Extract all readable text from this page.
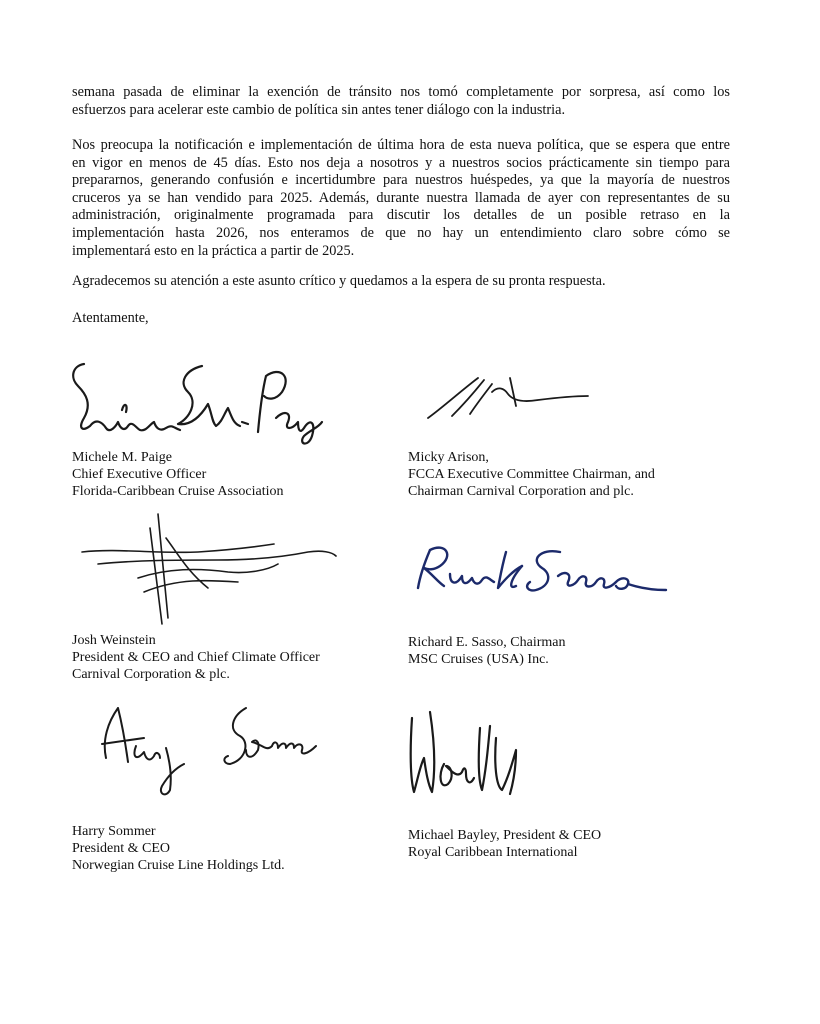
semana pasada de eliminar la exención de tránsito nos tomó completamente por sorpresa, así como los
esfuerzos para acelerar este cambio de política sin antes tener diálogo con la industria.

Nos preocupa la notificación e implementación de última hora de esta nueva política, que se espera que entre
en vigor en menos de 45 días. Esto nos deja a nosotros y a nuestros socios prácticamente sin tiempo para
prepararnos, generando confusión e incertidumbre para nuestros huéspedes, ya que la mayoría de nuestros
cruceros ya se han vendido para 2025. Además, durante nuestra llamada de ayer con representantes de su
administración, originalmente programada para discutir los detalles de un posible retraso en la
implementación hasta 2026, nos enteramos de que no hay un entendimiento claro sobre cómo se
implementará esto en la práctica a partir de 2025.

Agradecemos su atención a este asunto crítico y quedamos a la espera de su pronta respuesta.

Atentamente,

Michele M. Paige
Chief Executive Officer
Florida-Caribbean Cruise Association
Micky Arison,
FCCA Executive Committee Chairman, and
Chairman Carnival Corporation and plc.
Josh Weinstein
President & CEO and Chief Climate Officer
Carnival Corporation & plc.
Richard E. Sasso, Chairman
MSC Cruises (USA) Inc.
Harry Sommer
President & CEO
Norwegian Cruise Line Holdings Ltd.
Michael Bayley, President & CEO
Royal Caribbean International
